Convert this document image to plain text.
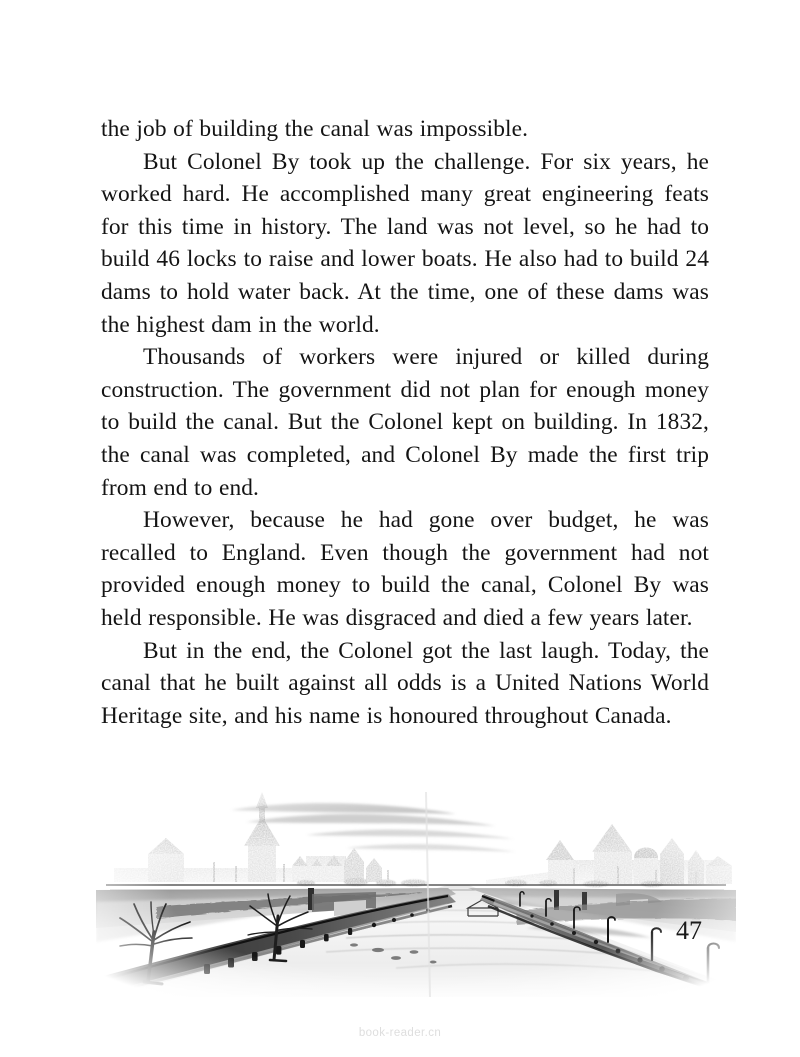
the job of building the canal was impossible.

But Colonel By took up the challenge. For six years, he worked hard. He accomplished many great engineering feats for this time in history. The land was not level, so he had to build 46 locks to raise and lower boats. He also had to build 24 dams to hold water back. At the time, one of these dams was the highest dam in the world.

Thousands of workers were injured or killed during construction. The government did not plan for enough money to build the canal. But the Colonel kept on building. In 1832, the canal was completed, and Colonel By made the first trip from end to end.

However, because he had gone over budget, he was recalled to England. Even though the government had not provided enough money to build the canal, Colonel By was held responsible. He was disgraced and died a few years later.

But in the end, the Colonel got the last laugh. Today, the canal that he built against all odds is a United Nations World Heritage site, and his name is honoured throughout Canada.

47
book-reader.cn
